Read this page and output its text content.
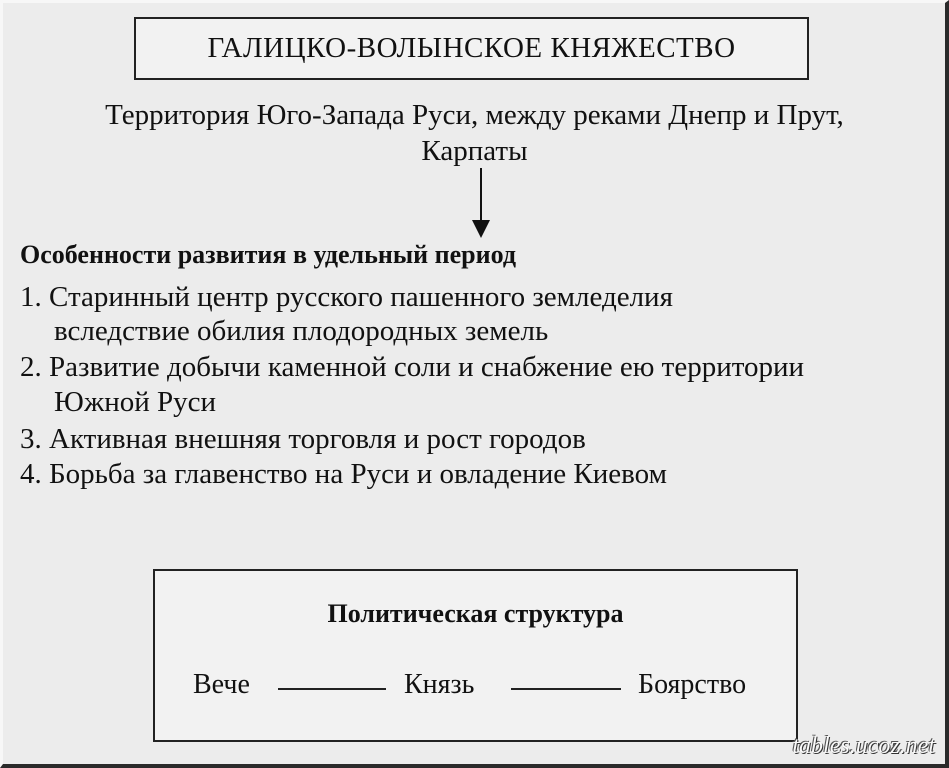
ГАЛИЦКО-ВОЛЫНСКОЕ КНЯЖЕСТВО
Территория Юго-Запада Руси, между реками Днепр и Прут,
Карпаты
Особенности развития в удельный период
1. Старинный центр русского пашенного земледелия
вследствие обилия плодородных земель
2. Развитие добычи каменной соли и снабжение ею территории
Южной Руси
3. Активная внешняя торговля и рост городов
4. Борьба за главенство на Руси и овладение Киевом
Политическая структура
Вече	Князь	Боярство
tables.ucoz.net
